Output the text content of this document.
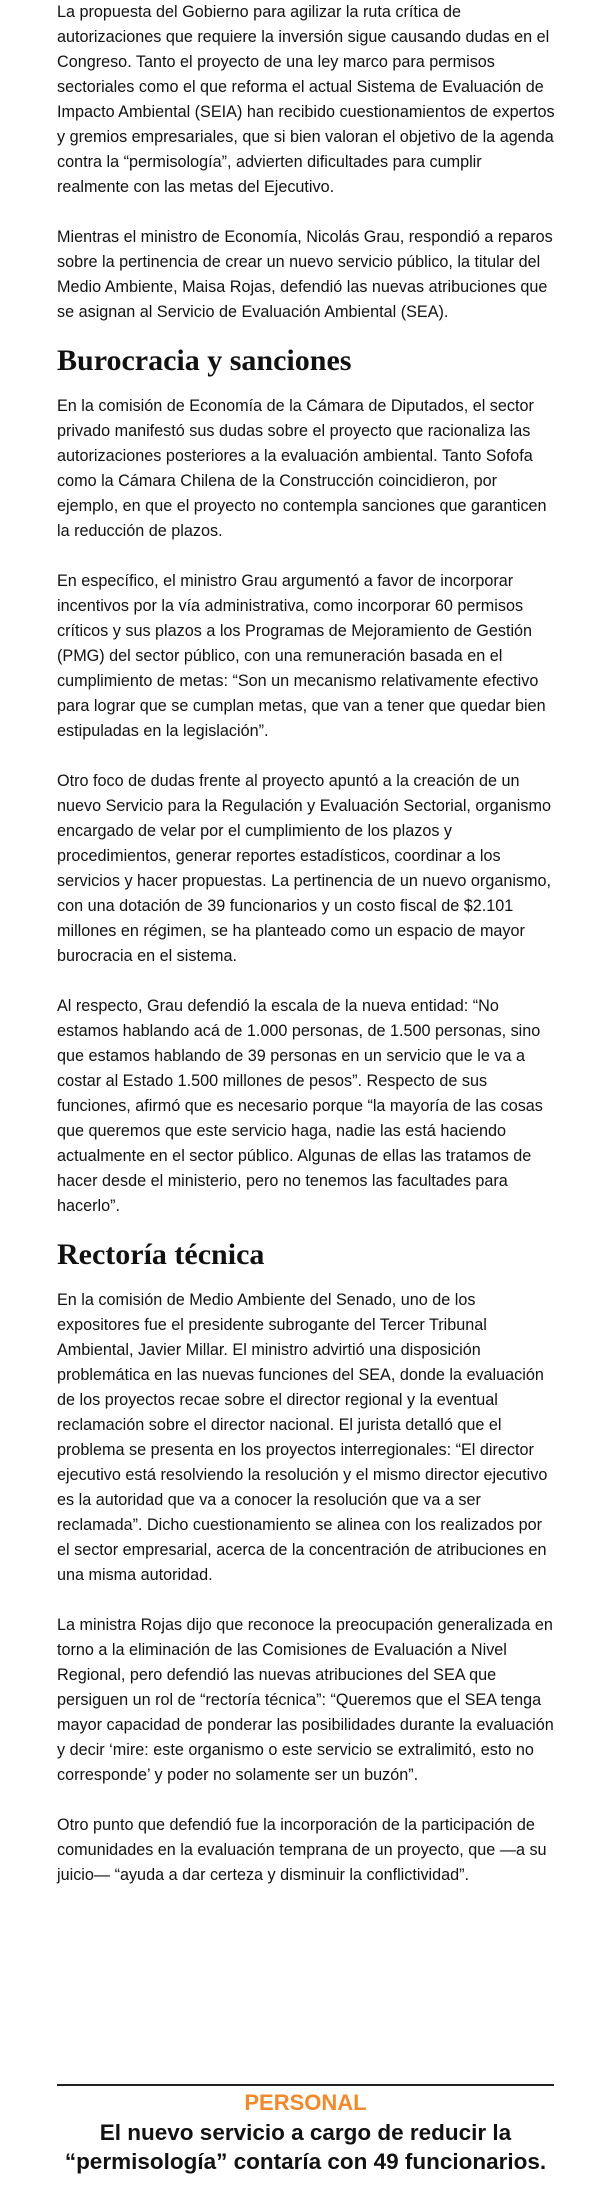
La propuesta del Gobierno para agilizar la ruta crítica de autorizaciones que requiere la inversión sigue causando dudas en el Congreso. Tanto el proyecto de una ley marco para permisos sectoriales como el que reforma el actual Sistema de Evaluación de Impacto Ambiental (SEIA) han recibido cuestionamientos de expertos y gremios empresariales, que si bien valoran el objetivo de la agenda contra la “permisología”, advierten dificultades para cumplir realmente con las metas del Ejecutivo.

Mientras el ministro de Economía, Nicolás Grau, respondió a reparos sobre la pertinencia de crear un nuevo servicio público, la titular del Medio Ambiente, Maisa Rojas, defendió las nuevas atribuciones que se asignan al Servicio de Evaluación Ambiental (SEA).

Burocracia y sanciones

En la comisión de Economía de la Cámara de Diputados, el sector privado manifestó sus dudas sobre el proyecto que racionaliza las autorizaciones posteriores a la evaluación ambiental. Tanto Sofofa como la Cámara Chilena de la Construcción coincidieron, por ejemplo, en que el proyecto no contempla sanciones que garanticen la reducción de plazos.

En específico, el ministro Grau argumentó a favor de incorporar incentivos por la vía administrativa, como incorporar 60 permisos críticos y sus plazos a los Programas de Mejoramiento de Gestión (PMG) del sector público, con una remuneración basada en el cumplimiento de metas: “Son un mecanismo relativamente efectivo para lograr que se cumplan metas, que van a tener que quedar bien estipuladas en la legislación”.

Otro foco de dudas frente al proyecto apuntó a la creación de un nuevo Servicio para la Regulación y Evaluación Sectorial, organismo encargado de velar por el cumplimiento de los plazos y procedimientos, generar reportes estadísticos, coordinar a los servicios y hacer propuestas. La pertinencia de un nuevo organismo, con una dotación de 39 funcionarios y un costo fiscal de $2.101 millones en régimen, se ha planteado como un espacio de mayor burocracia en el sistema.

Al respecto, Grau defendió la escala de la nueva entidad: “No estamos hablando acá de 1.000 personas, de 1.500 personas, sino que estamos hablando de 39 personas en un servicio que le va a costar al Estado 1.500 millones de pesos”. Respecto de sus funciones, afirmó que es necesario porque “la mayoría de las cosas que queremos que este servicio haga, nadie las está haciendo actualmente en el sector público. Algunas de ellas las tratamos de hacer desde el ministerio, pero no tenemos las facultades para hacerlo”.

Rectoría técnica

En la comisión de Medio Ambiente del Senado, uno de los expositores fue el presidente subrogante del Tercer Tribunal Ambiental, Javier Millar. El ministro advirtió una disposición problemática en las nuevas funciones del SEA, donde la evaluación de los proyectos recae sobre el director regional y la eventual reclamación sobre el director nacional. El jurista detalló que el problema se presenta en los proyectos interregionales: “El director ejecutivo está resolviendo la resolución y el mismo director ejecutivo es la autoridad que va a conocer la resolución que va a ser reclamada”. Dicho cuestionamiento se alinea con los realizados por el sector empresarial, acerca de la concentración de atribuciones en una misma autoridad.

La ministra Rojas dijo que reconoce la preocupación generalizada en torno a la eliminación de las Comisiones de Evaluación a Nivel Regional, pero defendió las nuevas atribuciones del SEA que persiguen un rol de “rectoría técnica”: “Queremos que el SEA tenga mayor capacidad de ponderar las posibilidades durante la evaluación y decir ‘mire: este organismo o este servicio se extralimitó, esto no corresponde’ y poder no solamente ser un buzón”.

Otro punto que defendió fue la incorporación de la participación de comunidades en la evaluación temprana de un proyecto, que —a su juicio— “ayuda a dar certeza y disminuir la conflictividad”.

PERSONAL
El nuevo servicio a cargo de reducir la “permisología” contaría con 49 funcionarios.
